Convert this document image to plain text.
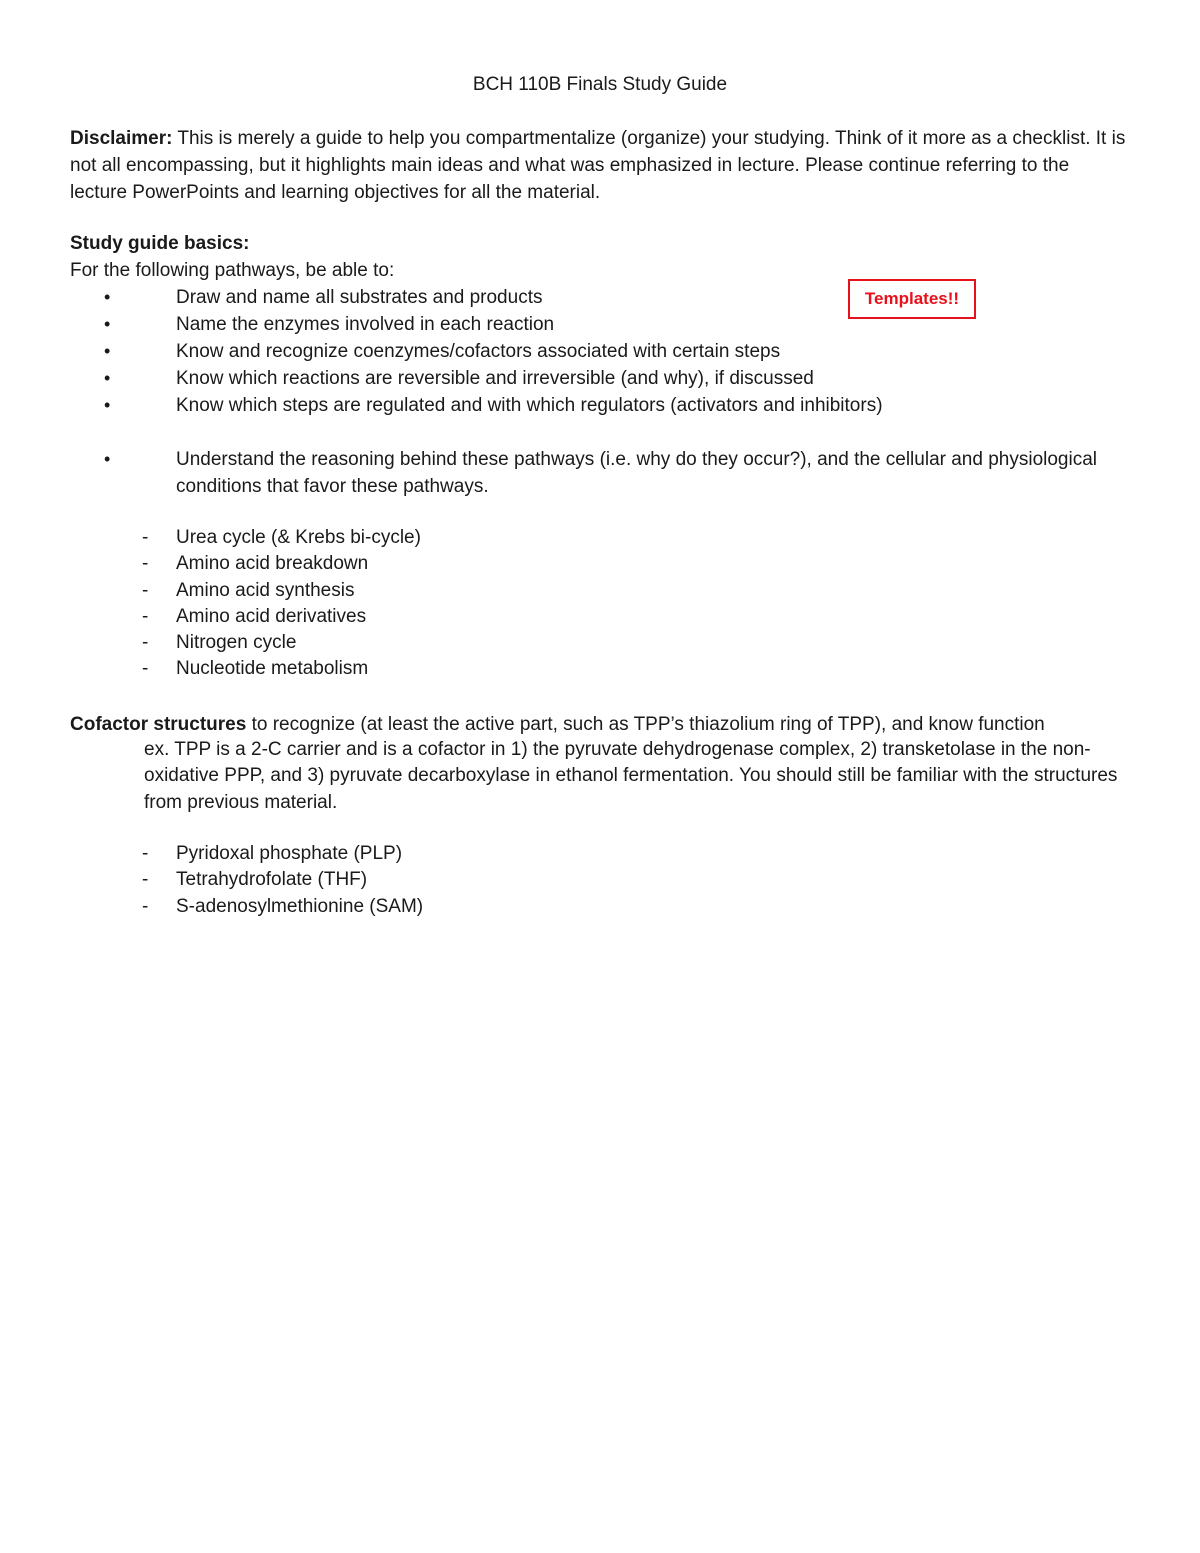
BCH 110B Finals Study Guide
Disclaimer: This is merely a guide to help you compartmentalize (organize) your studying. Think of it more as a checklist. It is not all encompassing, but it highlights main ideas and what was emphasized in lecture. Please continue referring to the lecture PowerPoints and learning objectives for all the material.
Study guide basics:
For the following pathways, be able to:
•	Draw and name all substrates and products
•	Name the enzymes involved in each reaction
•	Know and recognize coenzymes/cofactors associated with certain steps
•	Know which reactions are reversible and irreversible (and why), if discussed
•	Know which steps are regulated and with which regulators (activators and inhibitors)
•	Understand the reasoning behind these pathways (i.e. why do they occur?), and the cellular and physiological conditions that favor these pathways.
Templates!!
- Urea cycle (& Krebs bi-cycle)
- Amino acid breakdown
- Amino acid synthesis
- Amino acid derivatives
- Nitrogen cycle
- Nucleotide metabolism
Cofactor structures to recognize (at least the active part, such as TPP’s thiazolium ring of TPP), and know function
ex. TPP is a 2-C carrier and is a cofactor in 1) the pyruvate dehydrogenase complex, 2) transketolase in the non-oxidative PPP, and 3) pyruvate decarboxylase in ethanol fermentation. You should still be familiar with the structures from previous material.
- Pyridoxal phosphate (PLP)
- Tetrahydrofolate (THF)
- S-adenosylmethionine (SAM)
